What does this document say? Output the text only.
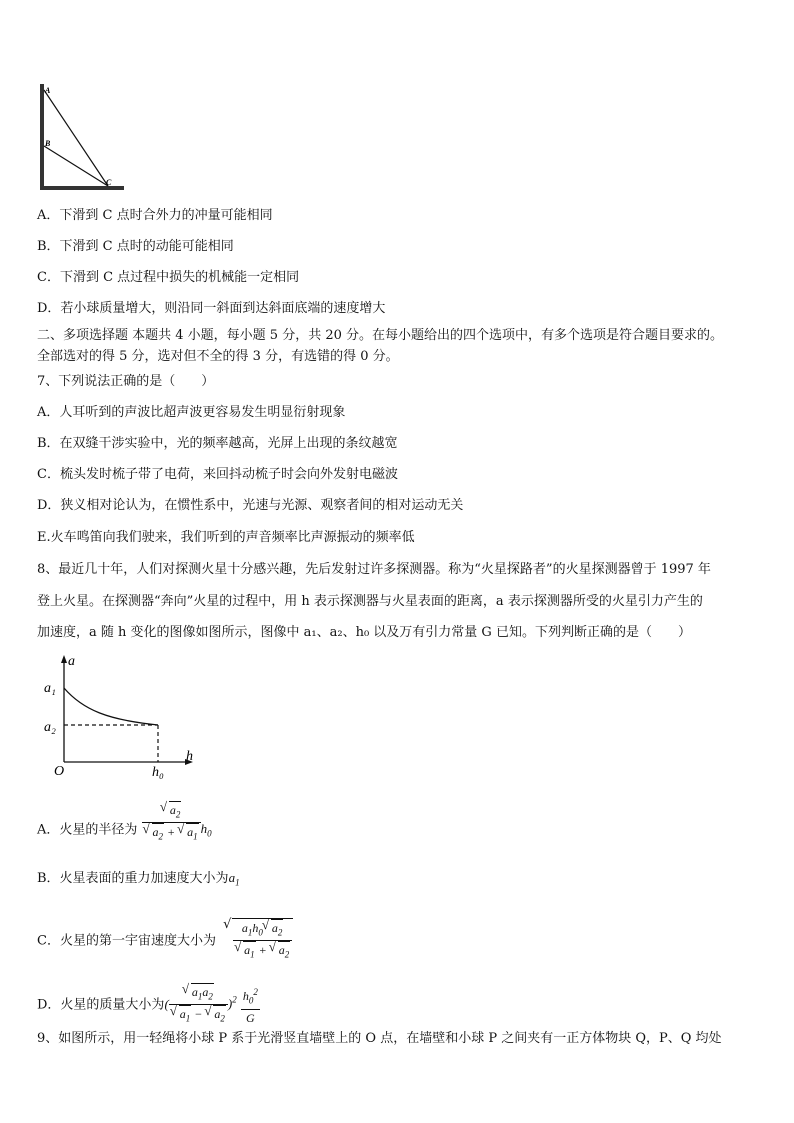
A
B
C
A．下滑到 C 点时合外力的冲量可能相同
B．下滑到 C 点时的动能可能相同
C．下滑到 C 点过程中损失的机械能一定相同
D．若小球质量增大，则沿同一斜面到达斜面底端的速度增大
二、多项选择题 本题共 4 小题，每小题 5 分，共 20 分。在每小题给出的四个选项中，有多个选项是符合题目要求的。
全部选对的得 5 分，选对但不全的得 3 分，有选错的得 0 分。
7、下列说法正确的是（　　）
A．人耳听到的声波比超声波更容易发生明显衍射现象
B．在双缝干涉实验中，光的频率越高，光屏上出现的条纹越宽
C．梳头发时梳子带了电荷，来回抖动梳子时会向外发射电磁波
D．狭义相对论认为，在惯性系中，光速与光源、观察者间的相对运动无关
E.火车鸣笛向我们驶来，我们听到的声音频率比声源振动的频率低
8、最近几十年，人们对探测火星十分感兴趣，先后发射过许多探测器。称为“火星探路者”的火星探测器曾于 1997 年
登上火星。在探测器“奔向”火星的过程中，用 h 表示探测器与火星表面的距离，a 表示探测器所受的火星引力产生的
加速度，a 随 h 变化的图像如图所示，图像中 a₁、a₂、h₀ 以及万有引力常量 G 已知。下列判断正确的是（　　）
a
h
O
a₁
a₂
h₀
A．火星的半径为
√ $a_2$
√ $a_2$ + √ $a_1$ $h_0$
B．火星表面的重力加速度大小为$a_1$
C．火星的第一宇宙速度大小为
√ $a_1h_0√$ $a_2$
√ $a_1$ + √ $a_2$
D．火星的质量大小为(
√ $a_1a_2$
√ $a_1$ − √ $a_2$ )$^2 \frac{h_0^2}{G}$
9、如图所示，用一轻绳将小球 P 系于光滑竖直墙壁上的 O 点，在墙壁和小球 P 之间夹有一正方体物块 Q，P、Q 均处
